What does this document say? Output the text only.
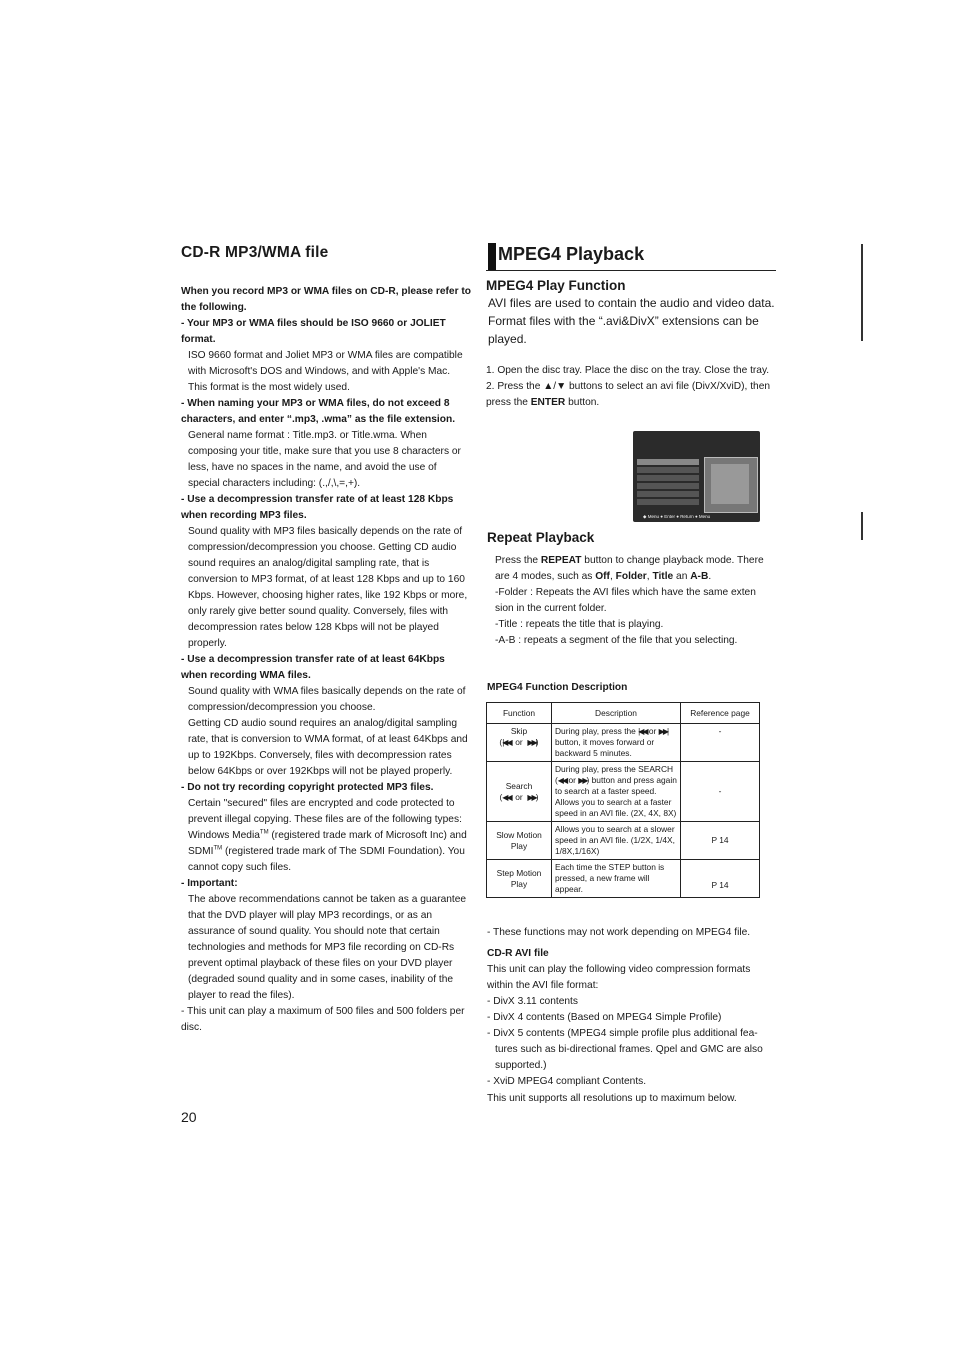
CD-R MP3/WMA file

When you record MP3 or WMA files on CD-R, please refer to the following.

- Your MP3 or WMA files should be ISO 9660 or JOLIET format.

ISO 9660 format and Joliet MP3 or WMA files are compatible with Microsoft's DOS and Windows, and with Apple's Mac. This format is the most widely used.

- When naming your MP3 or WMA files, do not exceed 8 characters, and enter “.mp3, .wma” as the file extension.

General name format : Title.mp3. or Title.wma. When composing your title, make sure that you use 8 characters or less, have no spaces in the name, and avoid the use of special characters including: (.,/,\,=,+).

- Use a decompression transfer rate of at least 128 Kbps when recording MP3 files.

Sound quality with MP3 files basically depends on the rate of compression/decompression you choose. Getting CD audio sound requires an analog/digital sampling rate, that is conversion to MP3 format, of at least 128 Kbps and up to 160 Kbps. However, choosing higher rates, like 192 Kbps or more, only rarely give better sound quality. Conversely, files with decompression rates below 128 Kbps will not be played properly.

- Use a decompression transfer rate of at least 64Kbps when recording WMA files.

Sound quality with WMA files basically depends on the rate of compression/decompression you choose.

Getting CD audio sound requires an analog/digital sampling rate, that is conversion to WMA format, of at least 64Kbps and up to 192Kbps. Conversely, files with decompression rates below 64Kbps or over 192Kbps will not be played properly.

- Do not try recording copyright protected MP3 files.

Certain "secured" files are encrypted and code protected to prevent illegal copying. These files are of the following types: Windows Media™ (registered trade mark of Microsoft Inc) and SDMI™ (registered trade mark of The SDMI Foundation). You cannot copy such files.

- Important:

The above recommendations cannot be taken as a guarantee that the DVD player will play MP3 recordings, or as an assurance of sound quality. You should note that certain technologies and methods for MP3 file recording on CD-Rs prevent optimal playback of these files on your DVD player (degraded sound quality and in some cases, inability of the player to read the files).

- This unit can play a maximum of 500 files and 500 folders per disc.

MPEG4 Playback
MPEG4 Play Function

AVI files are used to contain the audio and video data. Format files with the “.avi&DivX” extensions can be played.

1. Open the disc tray. Place the disc on the tray. Close the tray.

2. Press the ▲/▼ buttons to select an avi file (DivX/XviD), then press the ENTER button.

◆ Menu ● Enter ● Return ● Menu
Repeat Playback

Press the REPEAT button to change playback mode. There are 4 modes, such as Off, Folder, Title an A-B.

-Folder : Repeats the AVI files which have the same exten sion in the current folder.

-Title : repeats the title that is playing.

-A-B : repeats a segment of the file that you selecting.

MPEG4 Function Description
Function	Description	Reference page

Skip
(|◀◀ or ▶▶|)	During play, press the |◀◀ or ▶▶|button, it moves forward or backward 5 minutes.	-

Search
(◀◀ or ▶▶)	During play, press the SEARCH (◀◀ or ▶▶) button and press again to search at a faster speed. Allows you to search at a faster speed in an AVI file. (2X, 4X, 8X)	-
Slow Motion Play	Allows you to search at a slower speed in an AVI file. (1/2X, 1/4X, 1/8X,1/16X)	P 14
Step Motion Play	Each time the STEP button is pressed, a new frame will appear.	P 14

- These functions may not work depending on MPEG4 file.

CD-R AVI file

This unit can play the following video compression formats within the AVI file format:

- DivX 3.11 contents

- DivX 4 contents (Based on MPEG4 Simple Profile)

- DivX 5 contents (MPEG4 simple profile plus additional fea- tures such as bi-directional frames. Qpel and GMC are also supported.)

- XviD MPEG4 compliant Contents.

This unit supports all resolutions up to maximum below.

20
